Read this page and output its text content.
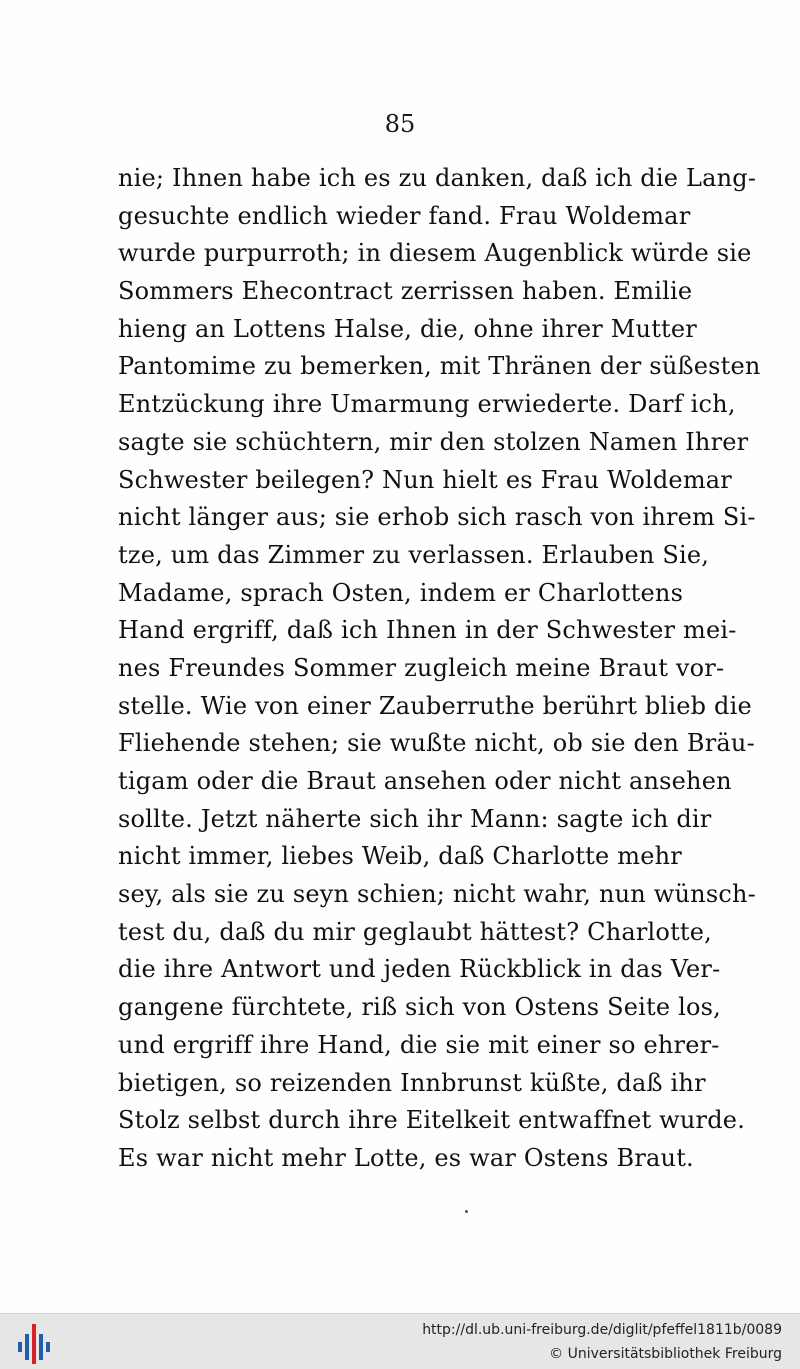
85
nie; Ihnen habe ich es zu danken, daß ich die Lang-
gesuchte endlich wieder fand. Frau Woldemar
wurde purpurroth; in diesem Augenblick würde sie
Sommers Ehecontract zerrissen haben. Emilie
hieng an Lottens Halse, die, ohne ihrer Mutter
Pantomime zu bemerken, mit Thränen der süßesten
Entzückung ihre Umarmung erwiederte. Darf ich,
sagte sie schüchtern, mir den stolzen Namen Ihrer
Schwester beilegen? Nun hielt es Frau Woldemar
nicht länger aus; sie erhob sich rasch von ihrem Si-
tze, um das Zimmer zu verlassen. Erlauben Sie,
Madame, sprach Osten, indem er Charlottens
Hand ergriff, daß ich Ihnen in der Schwester mei-
nes Freundes Sommer zugleich meine Braut vor-
stelle. Wie von einer Zauberruthe berührt blieb die
Fliehende stehen; sie wußte nicht, ob sie den Bräu-
tigam oder die Braut ansehen oder nicht ansehen
sollte. Jetzt näherte sich ihr Mann: sagte ich dir
nicht immer, liebes Weib, daß Charlotte mehr
sey, als sie zu seyn schien; nicht wahr, nun wünsch-
test du, daß du mir geglaubt hättest? Charlotte,
die ihre Antwort und jeden Rückblick in das Ver-
gangene fürchtete, riß sich von Ostens Seite los,
und ergriff ihre Hand, die sie mit einer so ehrer-
bietigen, so reizenden Innbrunst küßte, daß ihr
Stolz selbst durch ihre Eitelkeit entwaffnet wurde.
Es war nicht mehr Lotte, es war Ostens Braut.
http://dl.ub.uni-freiburg.de/diglit/pfeffel1811b/0089
© Universitätsbibliothek Freiburg
